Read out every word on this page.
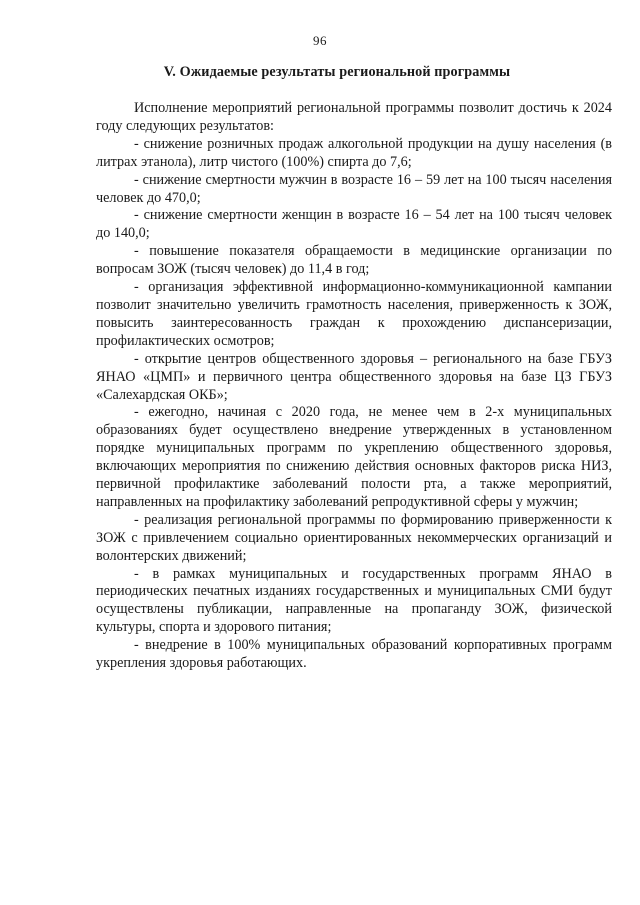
96
V. Ожидаемые результаты региональной программы

Исполнение мероприятий региональной программы позволит достичь к 2024 году следующих результатов:

- снижение розничных продаж алкогольной продукции на душу населения (в литрах этанола), литр чистого (100%) спирта до 7,6;

- снижение смертности мужчин в возрасте 16 – 59 лет на 100 тысяч населения человек до 470,0;

- снижение смертности женщин в возрасте 16 – 54 лет на 100 тысяч человек до 140,0;

- повышение показателя обращаемости в медицинские организации по вопросам ЗОЖ (тысяч человек) до 11,4 в год;

- организация эффективной информационно-коммуникационной кампании позволит значительно увеличить грамотность населения, приверженность к ЗОЖ, повысить заинтересованность граждан к прохождению диспансеризации, профилактических осмотров;

- открытие центров общественного здоровья – регионального на базе ГБУЗ ЯНАО «ЦМП» и первичного центра общественного здоровья на базе ЦЗ ГБУЗ «Салехардская ОКБ»;

- ежегодно, начиная с 2020 года, не менее чем в 2-х муниципальных образованиях будет осуществлено внедрение утвержденных в установленном порядке муниципальных программ по укреплению общественного здоровья, включающих мероприятия по снижению действия основных факторов риска НИЗ, первичной профилактике заболеваний полости рта, а также мероприятий, направленных на профилактику заболеваний репродуктивной сферы у мужчин;

- реализация региональной программы по формированию приверженности к ЗОЖ с привлечением социально ориентированных некоммерческих организаций и волонтерских движений;

- в рамках муниципальных и государственных программ ЯНАО в периодических печатных изданиях государственных и муниципальных СМИ будут осуществлены публикации, направленные на пропаганду ЗОЖ, физической культуры, спорта и здорового питания;

- внедрение в 100% муниципальных образований корпоративных программ укрепления здоровья работающих.
